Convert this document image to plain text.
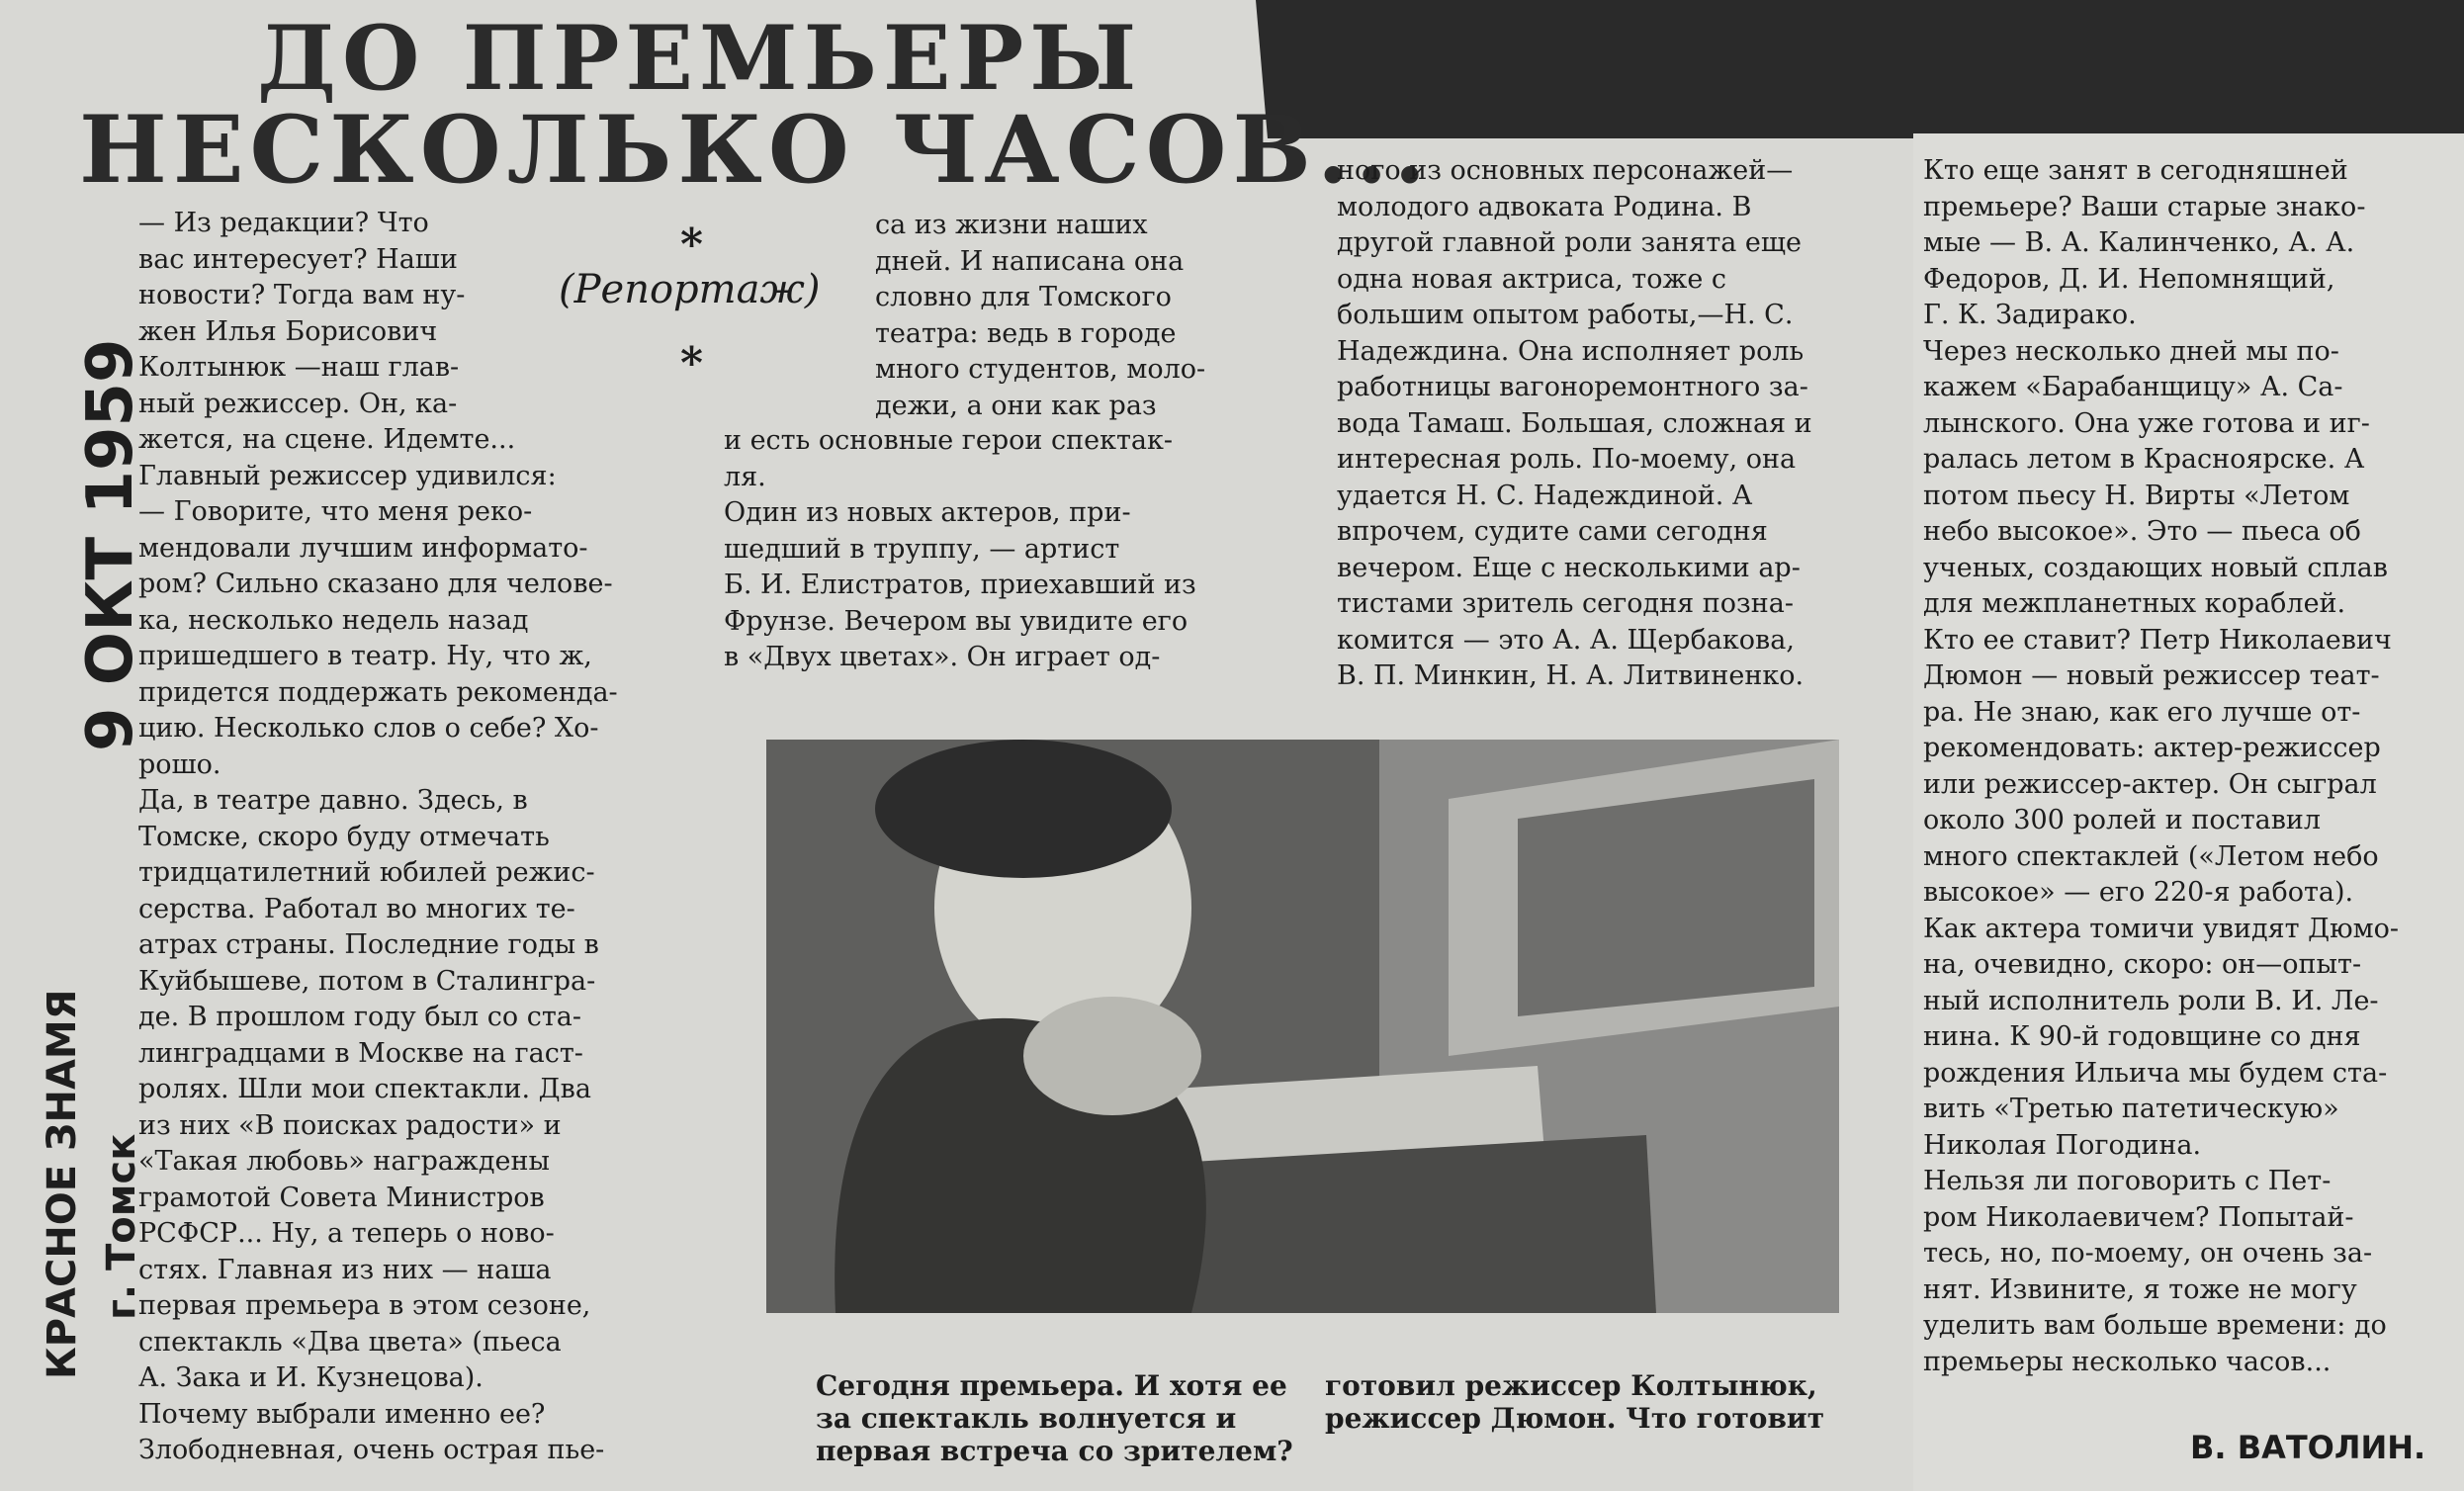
ДО ПРЕМЬЕРЫ
НЕСКОЛЬКО ЧАСОВ...
9 ОКТ 1959
КРАСНОЕ ЗНАМЯ г. Томск
*
*
(Репортаж)
— Из редакции? Что
вас интересует? Наши
новости? Тогда вам ну-
жен Илья Борисович
Колтынюк —наш глав-
ный режиссер. Он, ка-
жется, на сцене. Идемте...
Главный режиссер удивился:
— Говорите, что меня реко-
мендовали лучшим информато-
ром? Сильно сказано для челове-
ка, несколько недель назад
пришедшего в театр. Ну, что ж,
придется поддержать рекоменда-
цию. Несколько слов о себе? Хо-
рошо.
Да, в театре давно. Здесь, в
Томске, скоро буду отмечать
тридцатилетний юбилей режис-
серства. Работал во многих те-
атрах страны. Последние годы в
Куйбышеве, потом в Сталингра-
де. В прошлом году был со ста-
линградцами в Москве на гаст-
ролях. Шли мои спектакли. Два
из них «В поисках радости» и
«Такая любовь» награждены
грамотой Совета Министров
РСФСР... Ну, а теперь о ново-
стях. Главная из них — наша
первая премьера в этом сезоне,
спектакль «Два цвета» (пьеса
А. Зака и И. Кузнецова).
Почему выбрали именно ее?
Злободневная, очень острая пье-
са из жизни наших
дней. И написана она
словно для Томского
театра: ведь в городе
много студентов, моло-
дежи, а они как раз
и есть основные герои спектак-
ля.
Один из новых актеров, при-
шедший в труппу, — артист
Б. И. Елистратов, приехавший из
Фрунзе. Вечером вы увидите его
в «Двух цветах». Он играет од-
ного из основных персонажей—
молодого адвоката Родина. В
другой главной роли занята еще
одна новая актриса, тоже с
большим опытом работы,—Н. С.
Надеждина. Она исполняет роль
работницы вагоноремонтного за-
вода Тамаш. Большая, сложная и
интересная роль. По-моему, она
удается Н. С. Надеждиной. А
впрочем, судите сами сегодня
вечером. Еще с несколькими ар-
тистами зритель сегодня позна-
комится — это А. А. Щербакова,
В. П. Минкин, Н. А. Литвиненко.
Кто еще занят в сегодняшней
премьере? Ваши старые знако-
мые — В. А. Калинченко, А. А.
Федоров, Д. И. Непомнящий,
Г. К. Задирако.
Через несколько дней мы по-
кажем «Барабанщицу» А. Са-
лынского. Она уже готова и иг-
ралась летом в Красноярске. А
потом пьесу Н. Вирты «Летом
небо высокое». Это — пьеса об
ученых, создающих новый сплав
для межпланетных кораблей.
Кто ее ставит? Петр Николаевич
Дюмон — новый режиссер теат-
ра. Не знаю, как его лучше от-
рекомендовать: актер-режиссер
или режиссер-актер. Он сыграл
около 300 ролей и поставил
много спектаклей («Летом небо
высокое» — его 220-я работа).
Как актера томичи увидят Дюмо-
на, очевидно, скоро: он—опыт-
ный исполнитель роли В. И. Ле-
нина. К 90-й годовщине со дня
рождения Ильича мы будем ста-
вить «Третью патетическую»
Николая Погодина.
Нельзя ли поговорить с Пет-
ром Николаевичем? Попытай-
тесь, но, по-моему, он очень за-
нят. Извините, я тоже не могу
уделить вам больше времени: до
премьеры несколько часов...
Сегодня премьера. И хотя ее
за спектакль волнуется и
первая встреча со зрителем?
готовил режиссер Колтынюк,
режиссер Дюмон. Что готовит
В. ВАТОЛИН.
